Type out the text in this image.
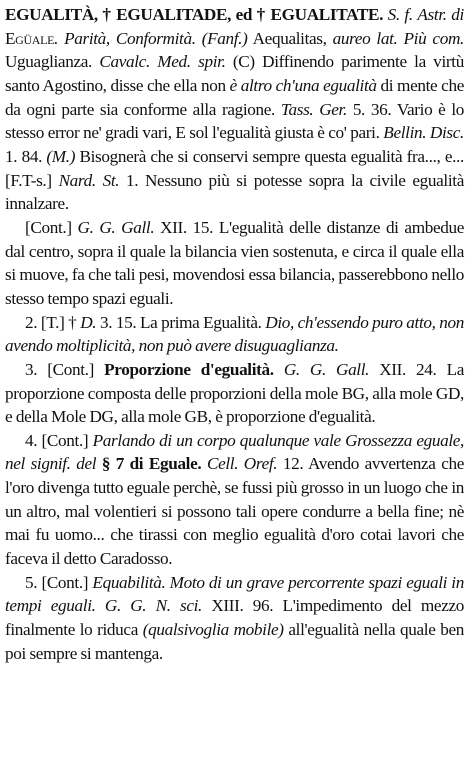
EGUALITÀ, † EGUALITADE, ed † EGUALITATE. S. f. Astr. di Egüale. Parità, Conformità. (Fanf.) Aequalitas, aureo lat. Più com. Uguaglianza. Cavalc. Med. spir. (C) Diffinendo parimente la virtù santo Agostino, disse che ella non è altro ch'una egualità di mente che da ogni parte sia conforme alla ragione. Tass. Ger. 5. 36. Vario è lo stesso error ne' gradi vari, E sol l'egualità giusta è co' pari. Bellin. Disc. 1. 84. (M.) Bisognerà che si conservi sempre questa egualità fra..., e... [F.T-s.] Nard. St. 1. Nessuno più si potesse sopra la civile egualità innalzare.

[Cont.] G. G. Gall. XII. 15. L'egualità delle distanze di ambedue dal centro, sopra il quale la bilancia vien sostenuta, e circa il quale ella si muove, fa che tali pesi, movendosi essa bilancia, passerebbono nello stesso tempo spazi eguali.

2. [T.] † D. 3. 15. La prima Egualità. Dio, ch'essendo puro atto, non avendo moltiplicità, non può avere disuguaglianza.

3. [Cont.] Proporzione d'egualità. G. G. Gall. XII. 24. La proporzione composta delle proporzioni della mole BG, alla mole GD, e della Mole DG, alla mole GB, è proporzione d'egualità.

4. [Cont.] Parlando di un corpo qualunque vale Grossezza eguale, nel signif. del § 7 di Eguale. Cell. Oref. 12. Avendo avvertenza che l'oro divenga tutto eguale perchè, se fussi più grosso in un luogo che in un altro, mal volentieri si possono tali opere condurre a bella fine; nè mai fu uomo... che tirassi con meglio egualità d'oro cotai lavori che faceva il detto Caradosso.

5. [Cont.] Equabilità. Moto di un grave percorrente spazi eguali in tempi eguali. G. G. N. sci. XIII. 96. L'impedimento del mezzo finalmente lo riduca (qualsivoglia mobile) all'egualità nella quale ben poi sempre si mantenga.
